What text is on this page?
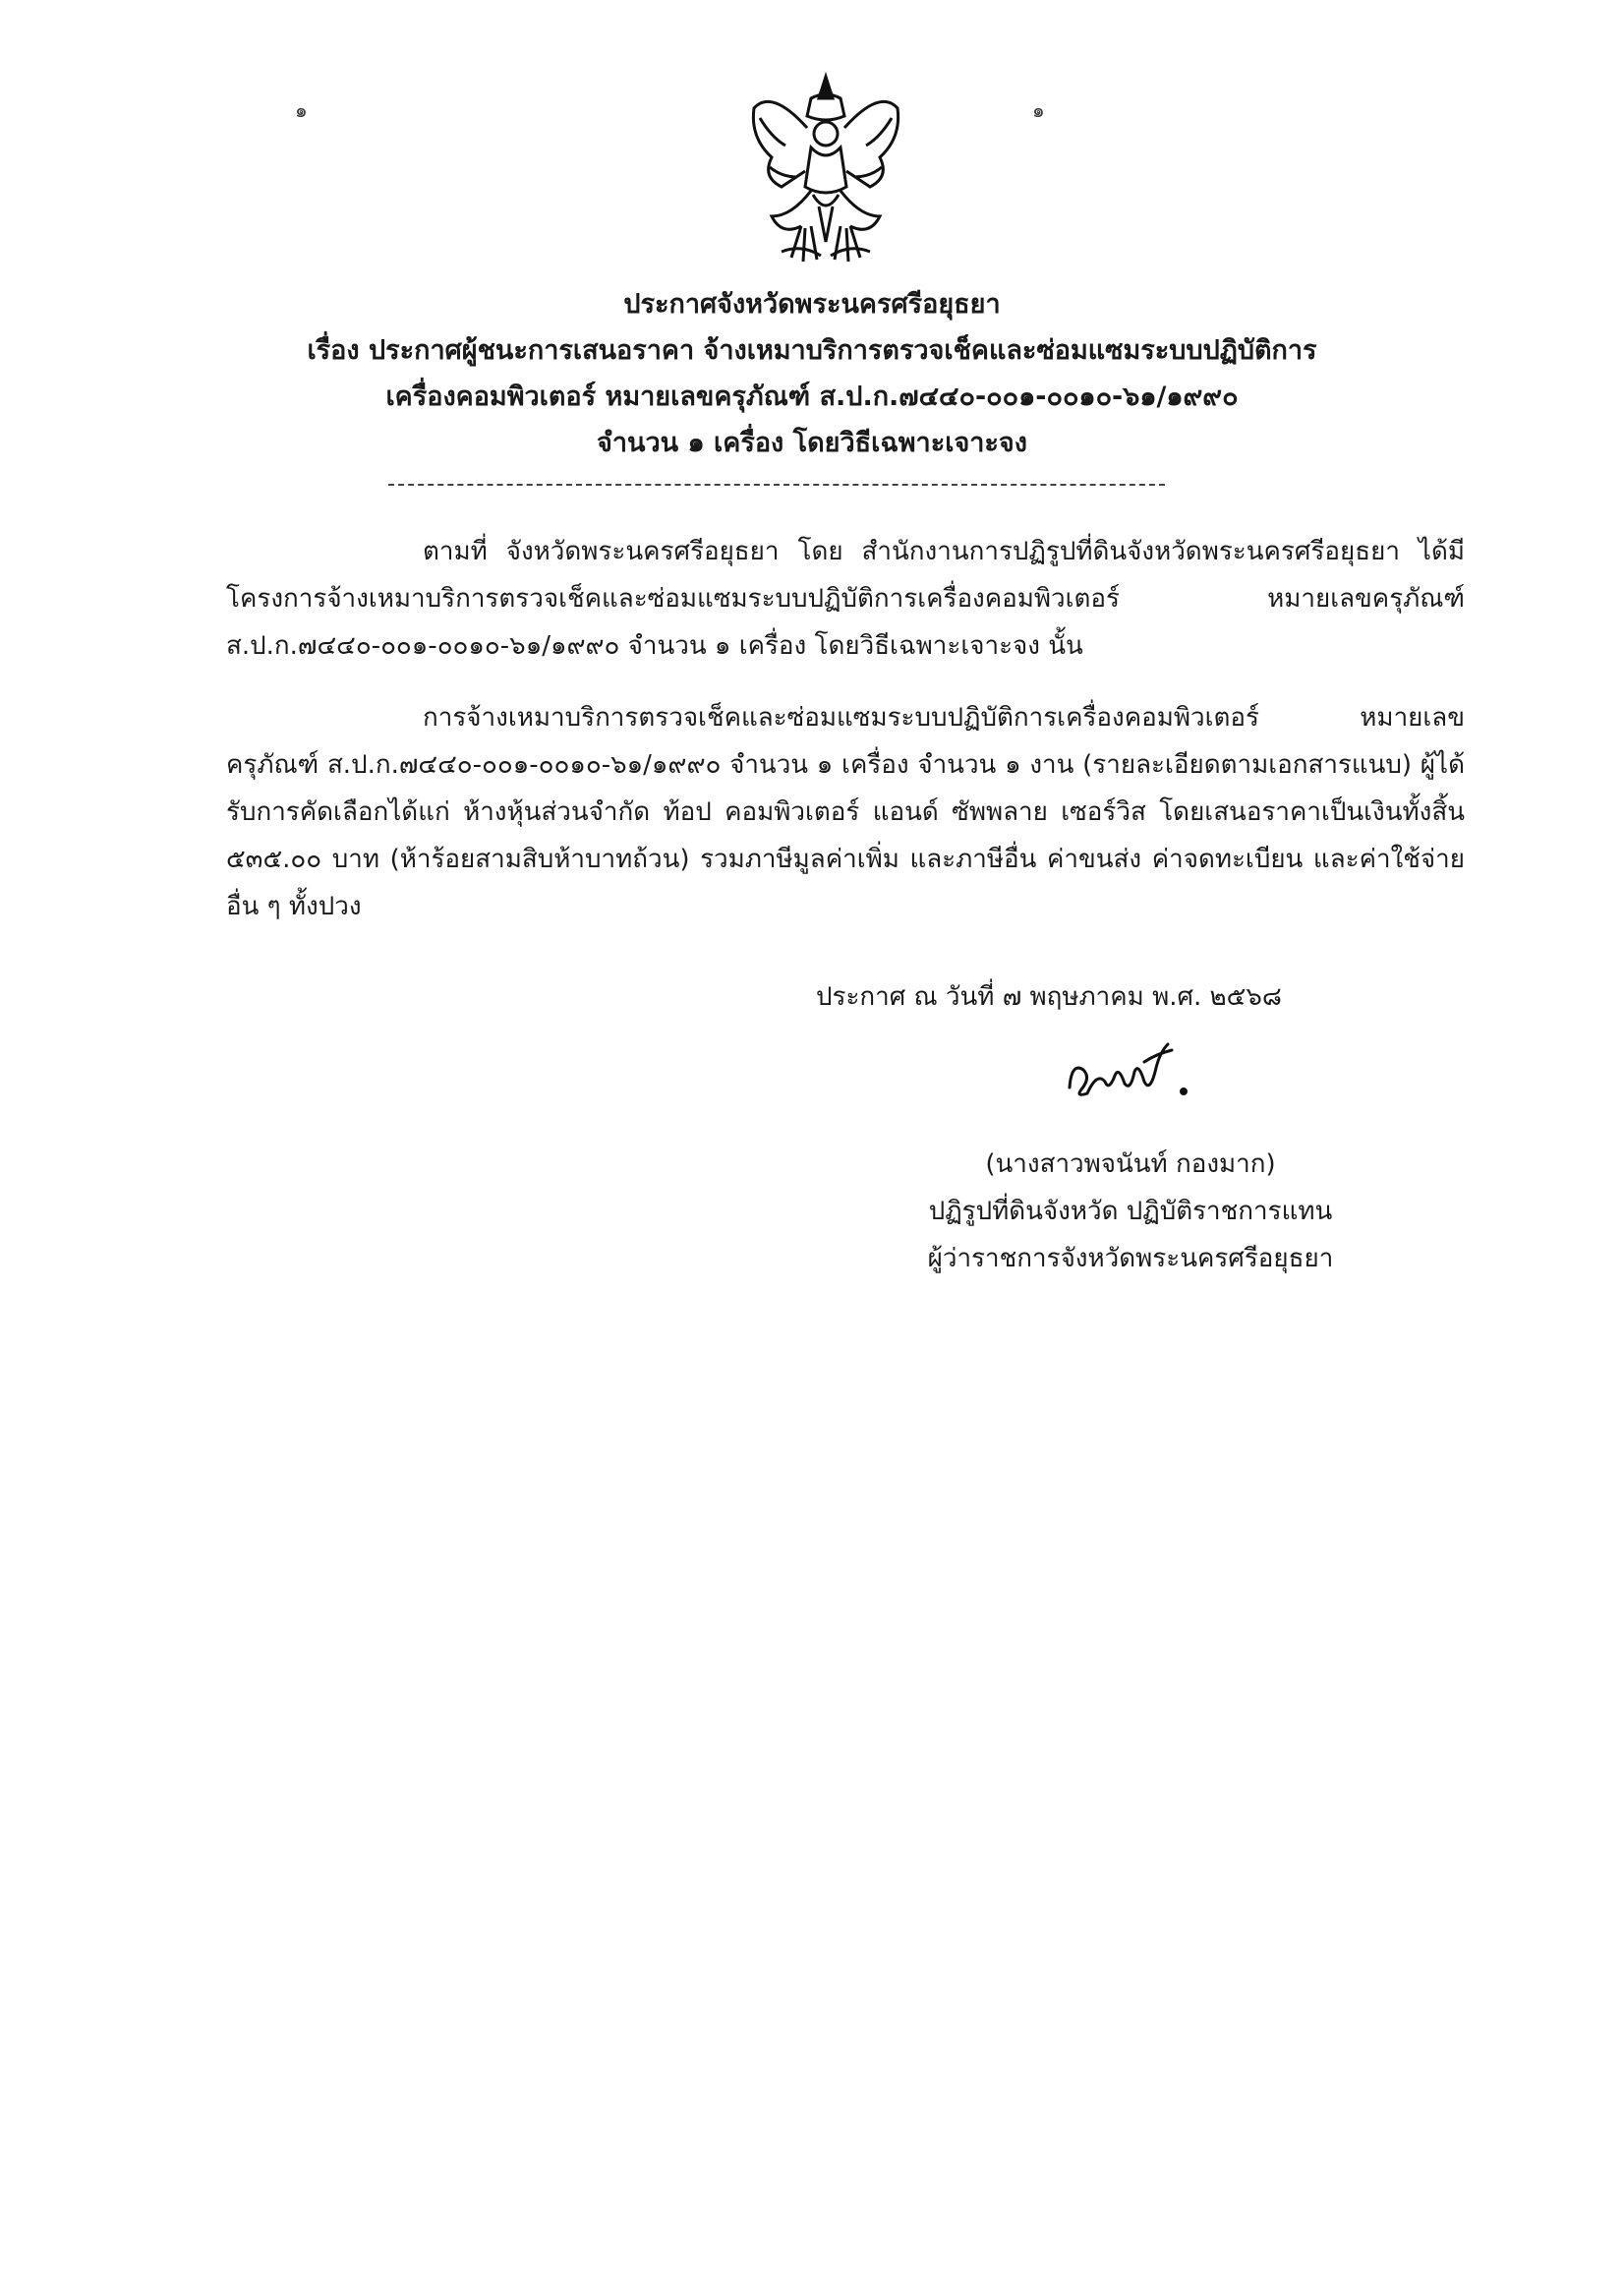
๑	๑
ประกาศจังหวัดพระนครศรีอยุธยา
เรื่อง ประกาศผู้ชนะการเสนอราคา จ้างเหมาบริการตรวจเช็คและซ่อมแซมระบบปฏิบัติการ
เครื่องคอมพิวเตอร์ หมายเลขครุภัณฑ์ ส.ป.ก.๗๔๔๐-๐๐๑-๐๐๑๐-๖๑/๑๙๙๐
จำนวน ๑ เครื่อง โดยวิธีเฉพาะเจาะจง

ตามที่ จังหวัดพระนครศรีอยุธยา โดย สำนักงานการปฏิรูปที่ดินจังหวัดพระนครศรีอยุธยา ได้มีโครงการจ้างเหมาบริการตรวจเช็คและซ่อมแซมระบบปฏิบัติการเครื่องคอมพิวเตอร์ หมายเลขครุภัณฑ์ ส.ป.ก.๗๔๔๐-๐๐๑-๐๐๑๐-๖๑/๑๙๙๐ จำนวน ๑ เครื่อง โดยวิธีเฉพาะเจาะจง นั้น

การจ้างเหมาบริการตรวจเช็คและซ่อมแซมระบบปฏิบัติการเครื่องคอมพิวเตอร์ หมายเลขครุภัณฑ์ ส.ป.ก.๗๔๔๐-๐๐๑-๐๐๑๐-๖๑/๑๙๙๐ จำนวน ๑ เครื่อง จำนวน ๑ งาน (รายละเอียดตามเอกสารแนบ) ผู้ได้รับการคัดเลือกได้แก่ ห้างหุ้นส่วนจำกัด ท้อป คอมพิวเตอร์ แอนด์ ซัพพลาย เซอร์วิส โดยเสนอราคาเป็นเงินทั้งสิ้น ๕๓๕.๐๐ บาท (ห้าร้อยสามสิบห้าบาทถ้วน) รวมภาษีมูลค่าเพิ่ม และภาษีอื่น ค่าขนส่ง ค่าจดทะเบียน และค่าใช้จ่ายอื่น ๆ ทั้งปวง

ประกาศ ณ วันที่ ๗ พฤษภาคม พ.ศ. ๒๕๖๘
(นางสาวพจนันท์ กองมาก)
ปฏิรูปที่ดินจังหวัด ปฏิบัติราชการแทน
ผู้ว่าราชการจังหวัดพระนครศรีอยุธยา
